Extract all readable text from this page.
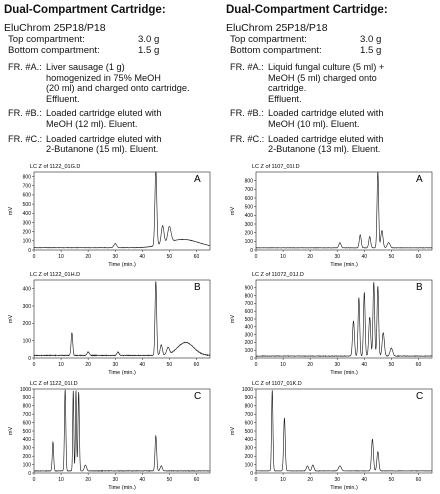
Dual-Compartment Cartridge:
EluChrom 25P18/P18
Top compartment:	3.0 g
Bottom compartment:	1.5 g
FR. #A.: Liver sausage (1 g)
homogenized in 75% MeOH
(20 ml) and charged onto cartridge.
Effluent.
FR. #B.: Loaded cartridge eluted with
MeOH (12 ml). Eluent.
FR. #C.: Loaded cartridge eluted with
2-Butanone (15 ml). Eluent.
LC Z of 1122_01G.D
A
mV
Time (min.)
0	10	20	30	40	50	60
0
100
200
300
400
500
600
700
800
LC Z of 1122_01H.D
B
mV
Time (min.)
0	10	20	30	40	50	60
0
100
200
300
400
LC Z of 1122_01I.D
C
mV
Time (min.)
0	10	20	30	40	50	60
0
100
200
300
400
500
600
700
800
900
1000
Dual-Compartment Cartridge:
EluChrom 25P18/P18
Top compartment:	3.0 g
Bottom compartment:	1.5 g
FR. #A.: Liquid fungal culture (5 ml) +
MeOH (5 ml) charged onto
cartridge.
Effluent.
FR. #B.: Loaded cartridge eluted with
MeOH (10 ml). Eluent.
FR. #C.: Loaded cartridge eluted with
2-Butanone (13 ml). Eluent.
LC Z of 1107_01I.D
A
mV
Time (min.)
0	10	20	30	40	50	60
0
100
200
300
400
500
600
700
800
LC Z of 11072_01J.D
B
mV
Time (min.)
0	10	20	30	40	50	60
0
100
200
300
400
500
600
700
800
900
LC Z of 1107_01K.D
C
mV
Time (min.)
0	10	20	30	40	50	60
0
100
200
300
400
500
600
700
800
900
1000
